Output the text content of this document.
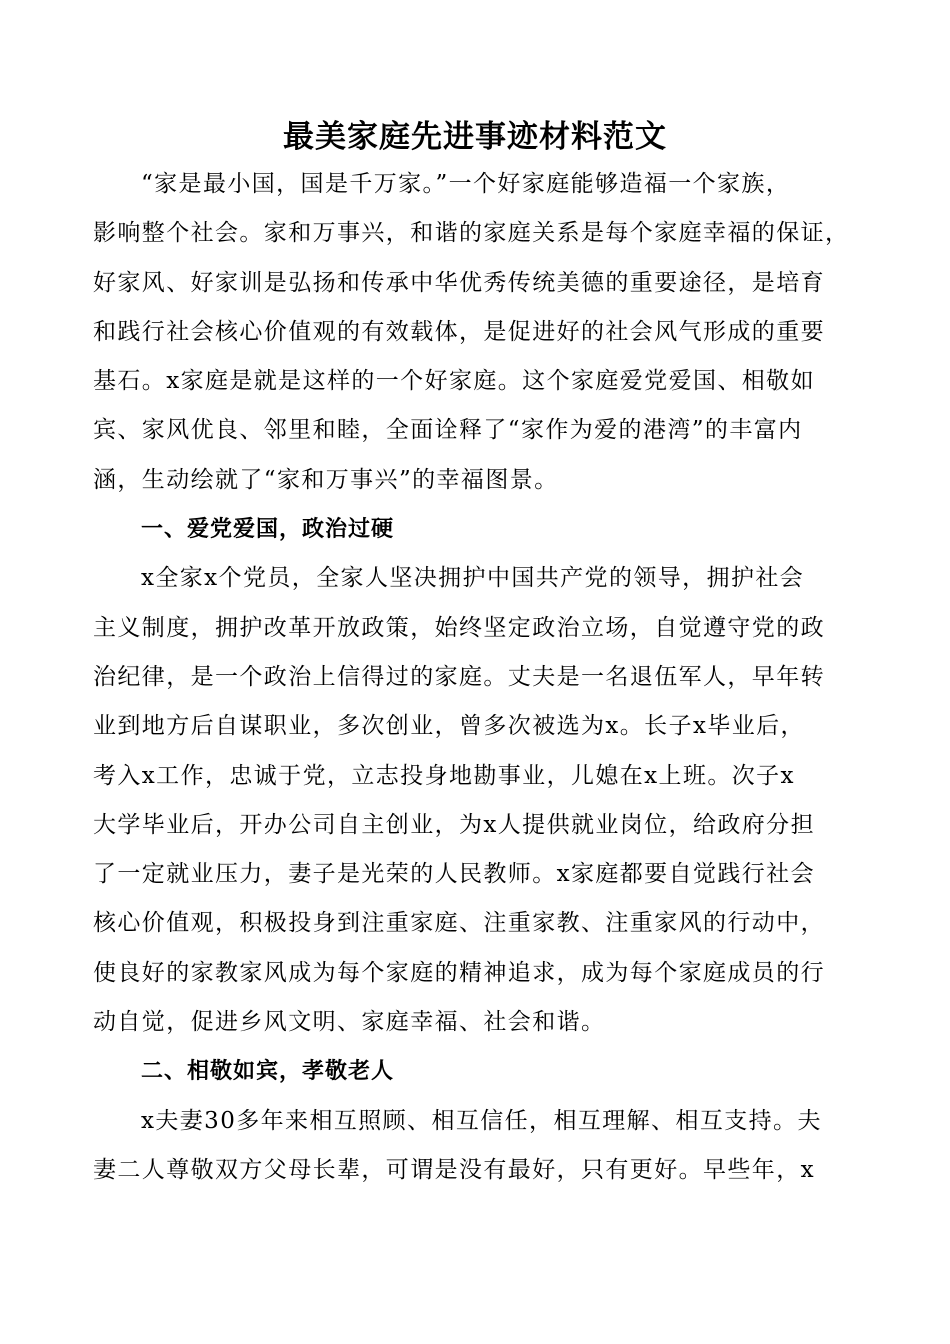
最美家庭先进事迹材料范文
“家是最小国，国是千万家。”一个好家庭能够造福一个家族，
影响整个社会。家和万事兴，和谐的家庭关系是每个家庭幸福的保证，
好家风、好家训是弘扬和传承中华优秀传统美德的重要途径，是培育
和践行社会核心价值观的有效载体，是促进好的社会风气形成的重要
基石。x家庭是就是这样的一个好家庭。这个家庭爱党爱国、相敬如
宾、家风优良、邻里和睦，全面诠释了“家作为爱的港湾”的丰富内
涵，生动绘就了“家和万事兴”的幸福图景。
一、爱党爱国，政治过硬
x全家x个党员，全家人坚决拥护中国共产党的领导，拥护社会
主义制度，拥护改革开放政策，始终坚定政治立场，自觉遵守党的政
治纪律，是一个政治上信得过的家庭。丈夫是一名退伍军人，早年转
业到地方后自谋职业，多次创业，曾多次被选为x。长子x毕业后，
考入x工作，忠诚于党，立志投身地勘事业，儿媳在x上班。次子x
大学毕业后，开办公司自主创业，为x人提供就业岗位，给政府分担
了一定就业压力，妻子是光荣的人民教师。x家庭都要自觉践行社会
核心价值观，积极投身到注重家庭、注重家教、注重家风的行动中，
使良好的家教家风成为每个家庭的精神追求，成为每个家庭成员的行
动自觉，促进乡风文明、家庭幸福、社会和谐。
二、相敬如宾，孝敬老人
x夫妻30多年来相互照顾、相互信任，相互理解、相互支持。夫
妻二人尊敬双方父母长辈，可谓是没有最好，只有更好。早些年，x
